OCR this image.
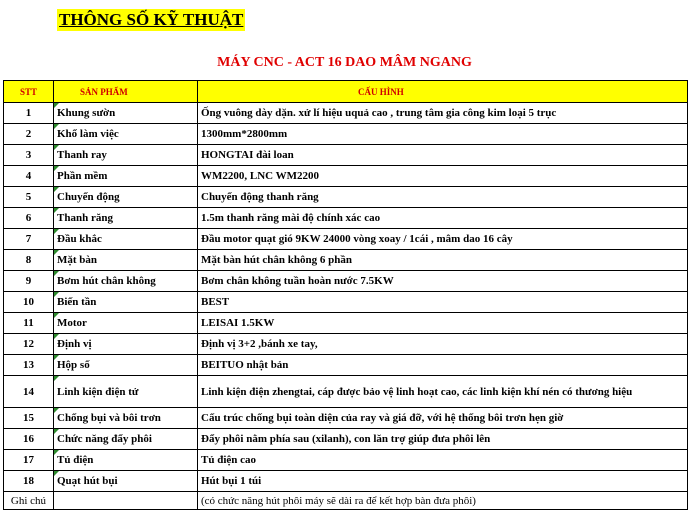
THÔNG SỐ KỸ THUẬT
MÁY CNC - ACT 16 DAO MÂM NGANG
STT	SẢN PHẨM	CẤU HÌNH
1	Khung sườn	Ống vuông dày dặn. xử lí hiệu uquả cao , trung tâm gia công kim loại 5 trục
2	Khổ làm việc	1300mm*2800mm
3	Thanh ray	HONGTAI đài loan
4	Phần mềm	WM2200, LNC WM2200
5	Chuyển động	Chuyển động thanh răng
6	Thanh răng	1.5m thanh răng mài độ chính xác cao
7	Đầu khắc	Đầu motor quạt gió 9KW 24000 vòng xoay / 1cái , mâm dao 16 cây
8	Mặt bàn	Mặt bàn hút chân không 6 phần
9	Bơm hút chân không	Bơm chân không tuần hoàn nước 7.5KW
10	Biến tần	BEST
11	Motor	LEISAI 1.5KW
12	Định vị	Định vị 3+2 ,bánh xe tay,
13	Hộp số	BEITUO nhật bản
14	Linh kiện điện tử	Linh kiện điện zhengtai, cáp được bảo vệ linh hoạt cao, các linh kiện khí nén có thương hiệu
15	Chống bụi và bôi trơn	Cấu trúc chống bụi toàn diện của ray và giá đỡ, với hệ thống bôi trơn hẹn giờ
16	Chức năng đẩy phôi	Đẩy phôi nằm phía sau (xilanh), con lăn trợ giúp đưa phôi lên
17	Tủ điện	Tủ điện cao
18	Quạt hút bụi	Hút bụi 1 túi
Ghi chú		(có chức năng hút phôi máy sẽ dài ra để kết hợp bàn đưa phôi)
